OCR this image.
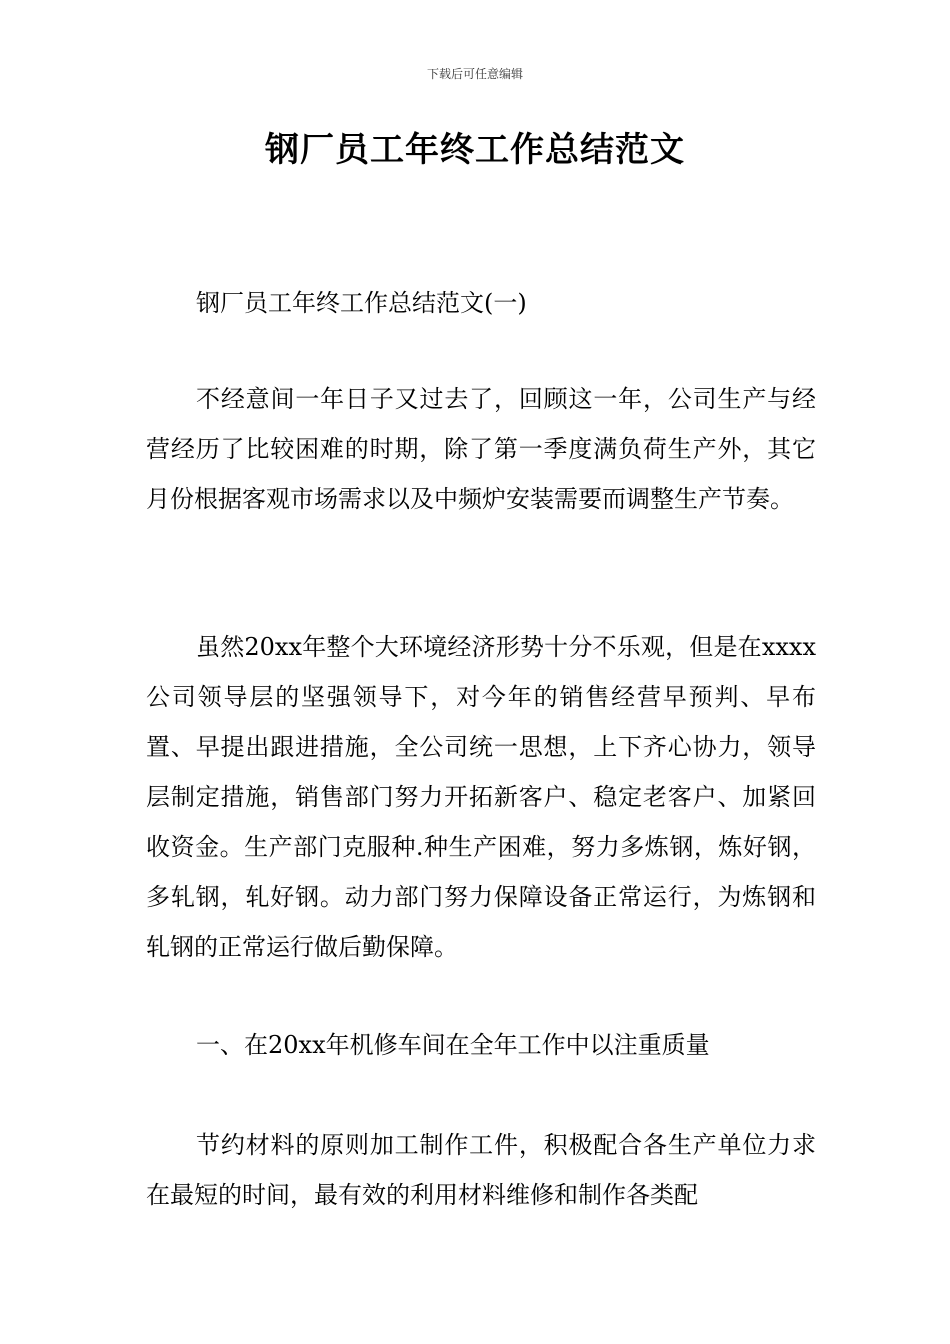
下载后可任意编辑
钢厂员工年终工作总结范文

钢厂员工年终工作总结范文(一)

不经意间一年日子又过去了，回顾这一年，公司生产与经营经历了比较困难的时期，除了第一季度满负荷生产外，其它月份根据客观市场需求以及中频炉安装需要而调整生产节奏。

虽然20xx年整个大环境经济形势十分不乐观，但是在xxxx公司领导层的坚强领导下，对今年的销售经营早预判、早布置、早提出跟进措施，全公司统一思想，上下齐心协力，领导层制定措施，销售部门努力开拓新客户、稳定老客户、加紧回收资金。生产部门克服种.种生产困难，努力多炼钢，炼好钢，多轧钢，轧好钢。动力部门努力保障设备正常运行，为炼钢和轧钢的正常运行做后勤保障。

一、在20xx年机修车间在全年工作中以注重质量

节约材料的原则加工制作工件，积极配合各生产单位力求在最短的时间，最有效的利用材料维修和制作各类配
